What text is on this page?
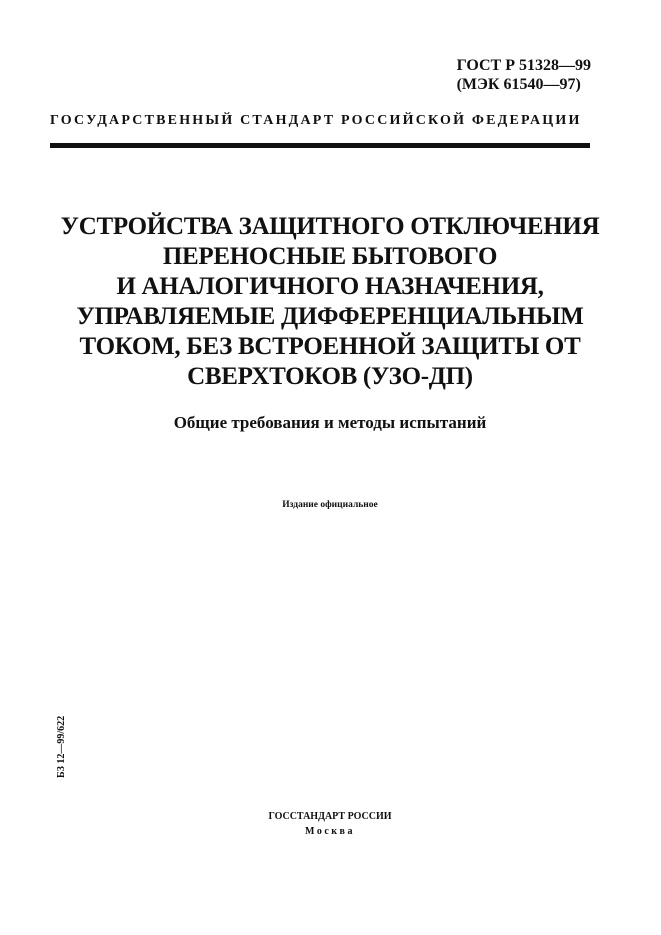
ГОСТ Р 51328—99
(МЭК 61540—97)
ГОСУДАРСТВЕННЫЙ СТАНДАРТ РОССИЙСКОЙ ФЕДЕРАЦИИ
УСТРОЙСТВА ЗАЩИТНОГО ОТКЛЮЧЕНИЯ
ПЕРЕНОСНЫЕ БЫТОВОГО
И АНАЛОГИЧНОГО НАЗНАЧЕНИЯ,
УПРАВЛЯЕМЫЕ ДИФФЕРЕНЦИАЛЬНЫМ
ТОКОМ, БЕЗ ВСТРОЕННОЙ ЗАЩИТЫ ОТ
СВЕРХТОКОВ (УЗО-ДП)
Общие требования и методы испытаний
Издание официальное
БЗ 12—99/622
ГОССТАНДАРТ РОССИИ
Москва
